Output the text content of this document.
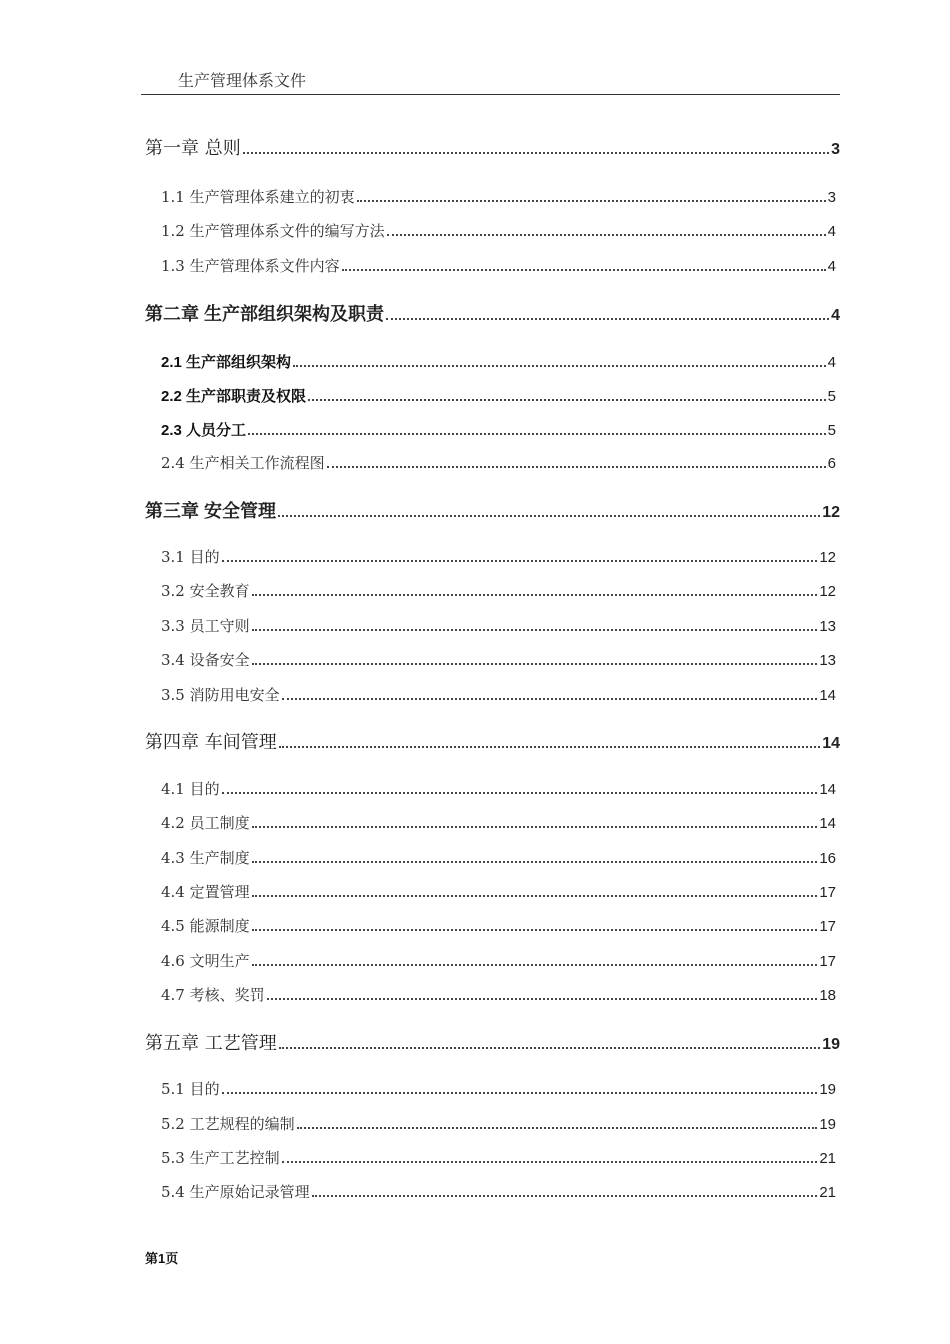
生产管理体系文件
第一章 总则	3
1.1 生产管理体系建立的初衷	3
1.2 生产管理体系文件的编写方法	4
1.3 生产管理体系文件内容	4
第二章 生产部组织架构及职责	4
2.1 生产部组织架构	4
2.2 生产部职责及权限	5
2.3 人员分工	5
2.4 生产相关工作流程图	6
第三章 安全管理	12
3.1 目的	12
3.2 安全教育	12
3.3 员工守则	13
3.4 设备安全	13
3.5 消防用电安全	14
第四章 车间管理	14
4.1 目的	14
4.2 员工制度	14
4.3 生产制度	16
4.4 定置管理	17
4.5 能源制度	17
4.6 文明生产	17
4.7 考核、奖罚	18
第五章 工艺管理	19
5.1 目的	19
5.2 工艺规程的编制	19
5.3 生产工艺控制	21
5.4 生产原始记录管理	21
第1页
